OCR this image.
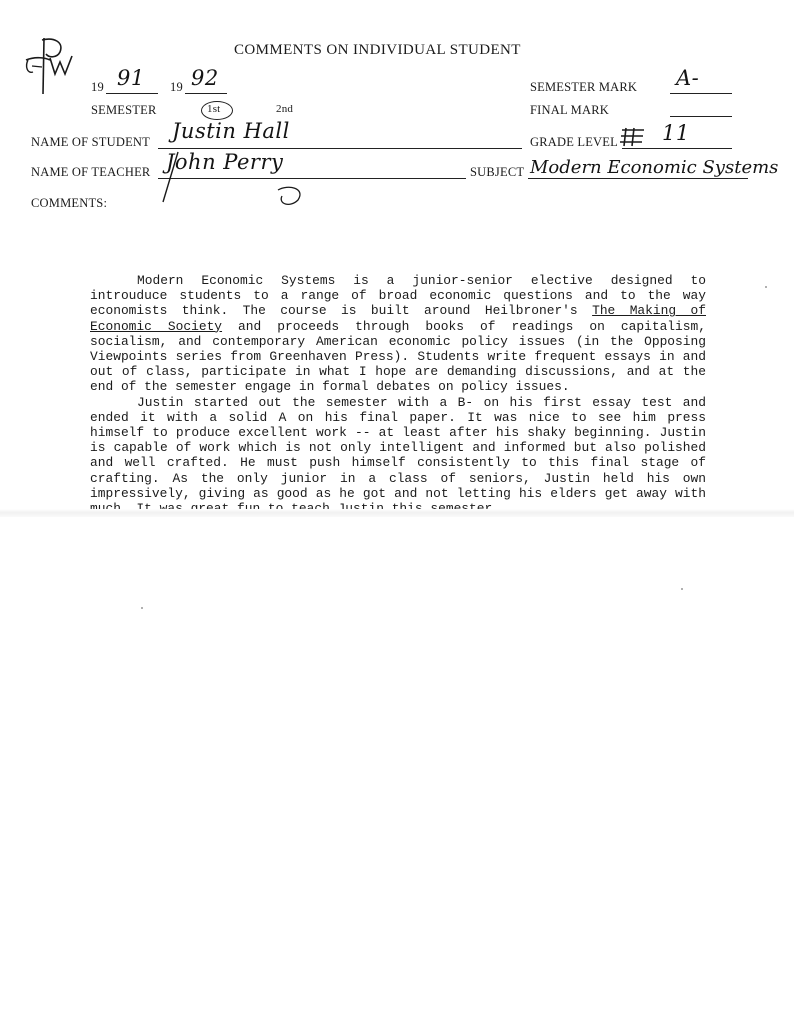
FW
COMMENTS ON INDIVIDUAL STUDENT
19 91 19 92
SEMESTER	1st	2nd
NAME OF STUDENT Justin Hall
NAME OF TEACHER John Perry
COMMENTS:
SEMESTER MARK A-
FINAL MARK
GRADE LEVEL 11
SUBJECT Modern Economic Systems

Modern Economic Systems is a junior-senior elective designed to introuduce students to a range of broad economic questions and to the way economists think. The course is built around Heilbroner's The Making of Economic Society and proceeds through books of readings on capitalism, socialism, and contemporary American economic policy issues (in the Opposing Viewpoints series from Greenhaven Press). Students write frequent essays in and out of class, participate in what I hope are demanding discussions, and at the end of the semester engage in formal debates on policy issues.

Justin started out the semester with a B- on his first essay test and ended it with a solid A on his final paper. It was nice to see him press himself to produce excellent work -- at least after his shaky beginning. Justin is capable of work which is not only intelligent and informed but also polished and well crafted. He must push himself consistently to this final stage of crafting. As the only junior in a class of seniors, Justin held his own impressively, giving as good as he got and not letting his elders get away with
